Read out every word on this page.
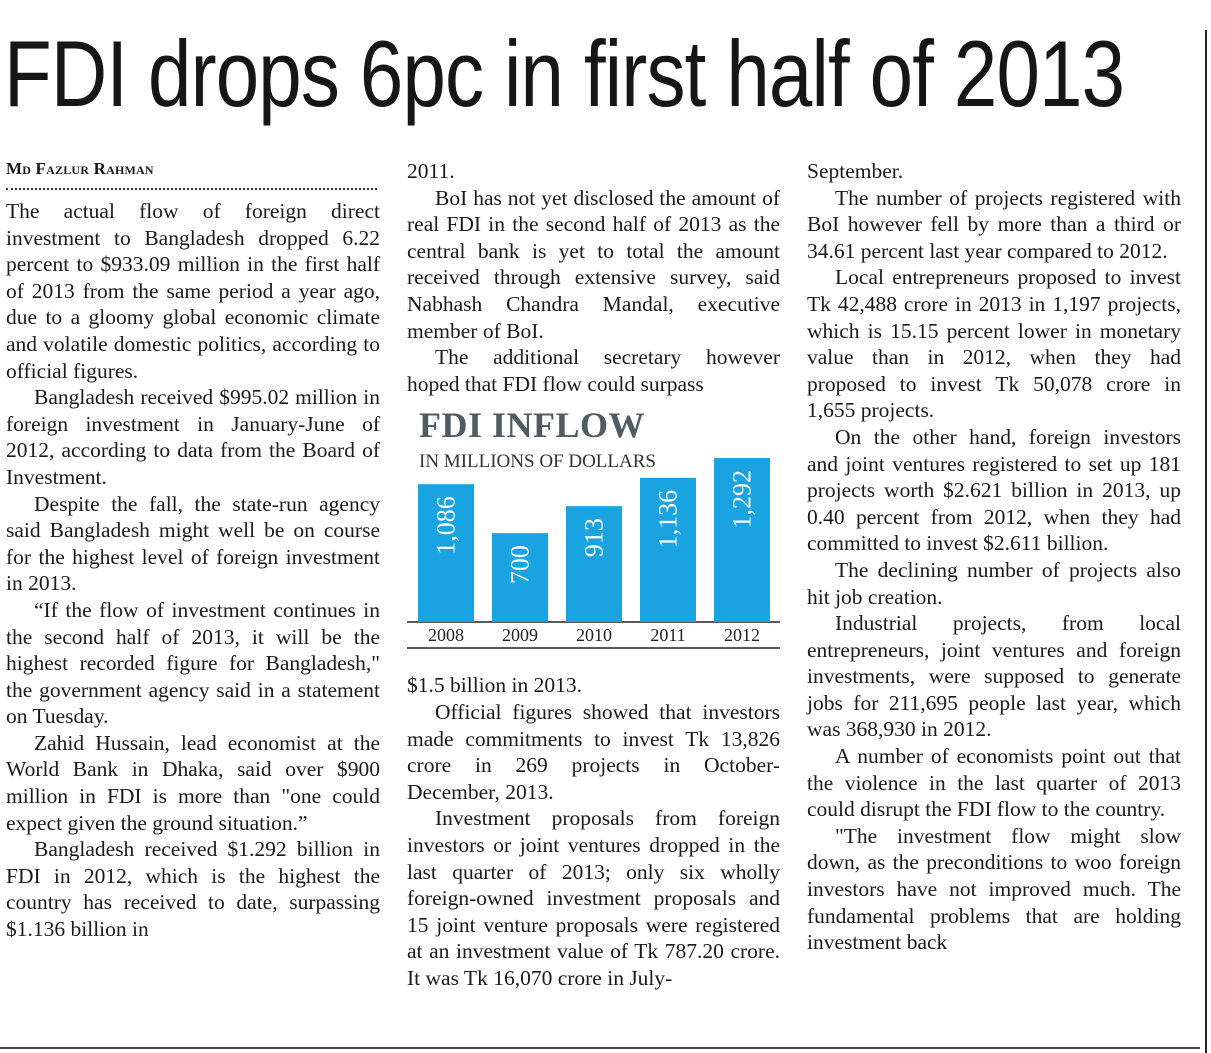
FDI drops 6pc in first half of 2013
Md Fazlur Rahman

The actual flow of foreign direct investment to Bangladesh dropped 6.22 percent to $933.09 million in the first half of 2013 from the same period a year ago, due to a gloomy global economic climate and volatile domestic politics, according to official figures.

Bangladesh received $995.02 million in foreign investment in January-June of 2012, according to data from the Board of Investment.

Despite the fall, the state-run agency said Bangladesh might well be on course for the highest level of foreign investment in 2013.

“If the flow of investment continues in the second half of 2013, it will be the highest recorded figure for Bangladesh," the government agency said in a statement on Tuesday.

Zahid Hussain, lead economist at the World Bank in Dhaka, said over $900 million in FDI is more than "one could expect given the ground situation.”

Bangladesh received $1.292 billion in FDI in 2012, which is the highest the country has received to date, surpassing $1.136 billion in

2011.

BoI has not yet disclosed the amount of real FDI in the second half of 2013 as the central bank is yet to total the amount received through extensive survey, said Nabhash Chandra Mandal, executive member of BoI.

The additional secretary however hoped that FDI flow could surpass

FDI INFLOW
IN MILLIONS OF DOLLARS
1,086
2008
700
2009
913
2010
1,136
2011
1,292
2012

$1.5 billion in 2013.

Official figures showed that investors made commitments to invest Tk 13,826 crore in 269 projects in October-December, 2013.

Investment proposals from foreign investors or joint ventures dropped in the last quarter of 2013; only six wholly foreign-owned investment proposals and 15 joint venture proposals were registered at an investment value of Tk 787.20 crore. It was Tk 16,070 crore in July-

September.

The number of projects registered with BoI however fell by more than a third or 34.61 percent last year compared to 2012.

Local entrepreneurs proposed to invest Tk 42,488 crore in 2013 in 1,197 projects, which is 15.15 percent lower in monetary value than in 2012, when they had proposed to invest Tk 50,078 crore in 1,655 projects.

On the other hand, foreign investors and joint ventures registered to set up 181 projects worth $2.621 billion in 2013, up 0.40 percent from 2012, when they had committed to invest $2.611 billion.

The declining number of projects also hit job creation.

Industrial projects, from local entrepreneurs, joint ventures and foreign investments, were supposed to generate jobs for 211,695 people last year, which was 368,930 in 2012.

A number of economists point out that the violence in the last quarter of 2013 could disrupt the FDI flow to the country.

"The investment flow might slow down, as the preconditions to woo foreign investors have not improved much. The fundamental problems that are holding investment back
